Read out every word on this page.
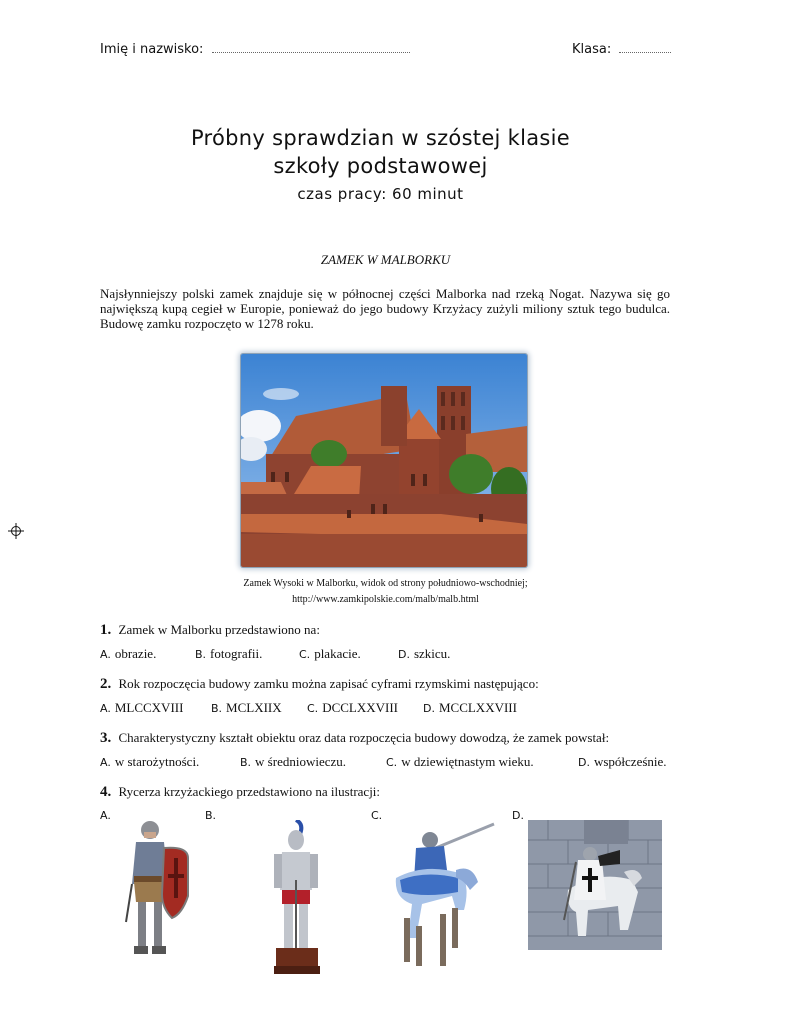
Imię i nazwisko:	Klasa:
Próbny sprawdzian w szóstej klasie
szkoły podstawowej
czas pracy: 60 minut
ZAMEK W MALBORKU
Najsłynniejszy polski zamek znajduje się w północnej części Malborka nad rzeką Nogat. Nazywa się go największą kupą cegieł w Europie, ponieważ do jego budowy Krzyżacy zużyli miliony sztuk tego budulca. Budowę zamku rozpoczęto w 1278 roku.
Zamek Wysoki w Malborku, widok od strony południowo-wschodniej;
http://www.zamkipolskie.com/malb/malb.html
1. Zamek w Malborku przedstawiono na:
A. obrazie.	B. fotografii.	C. plakacie.	D. szkicu.
2. Rok rozpoczęcia budowy zamku można zapisać cyframi rzymskimi następująco:
A. MLCCXVIII	B. MCLXIIX C. DCCLXXVIII D. MCCLXXVIII
3. Charakterystyczny kształt obiektu oraz data rozpoczęcia budowy dowodzą, że zamek powstał:
A. w starożytności.	B. w średniowieczu.	C. w dziewiętnastym wieku.	D. współcześnie.
4. Rycerza krzyżackiego przedstawiono na ilustracji:
A.	B.	C.	D.
